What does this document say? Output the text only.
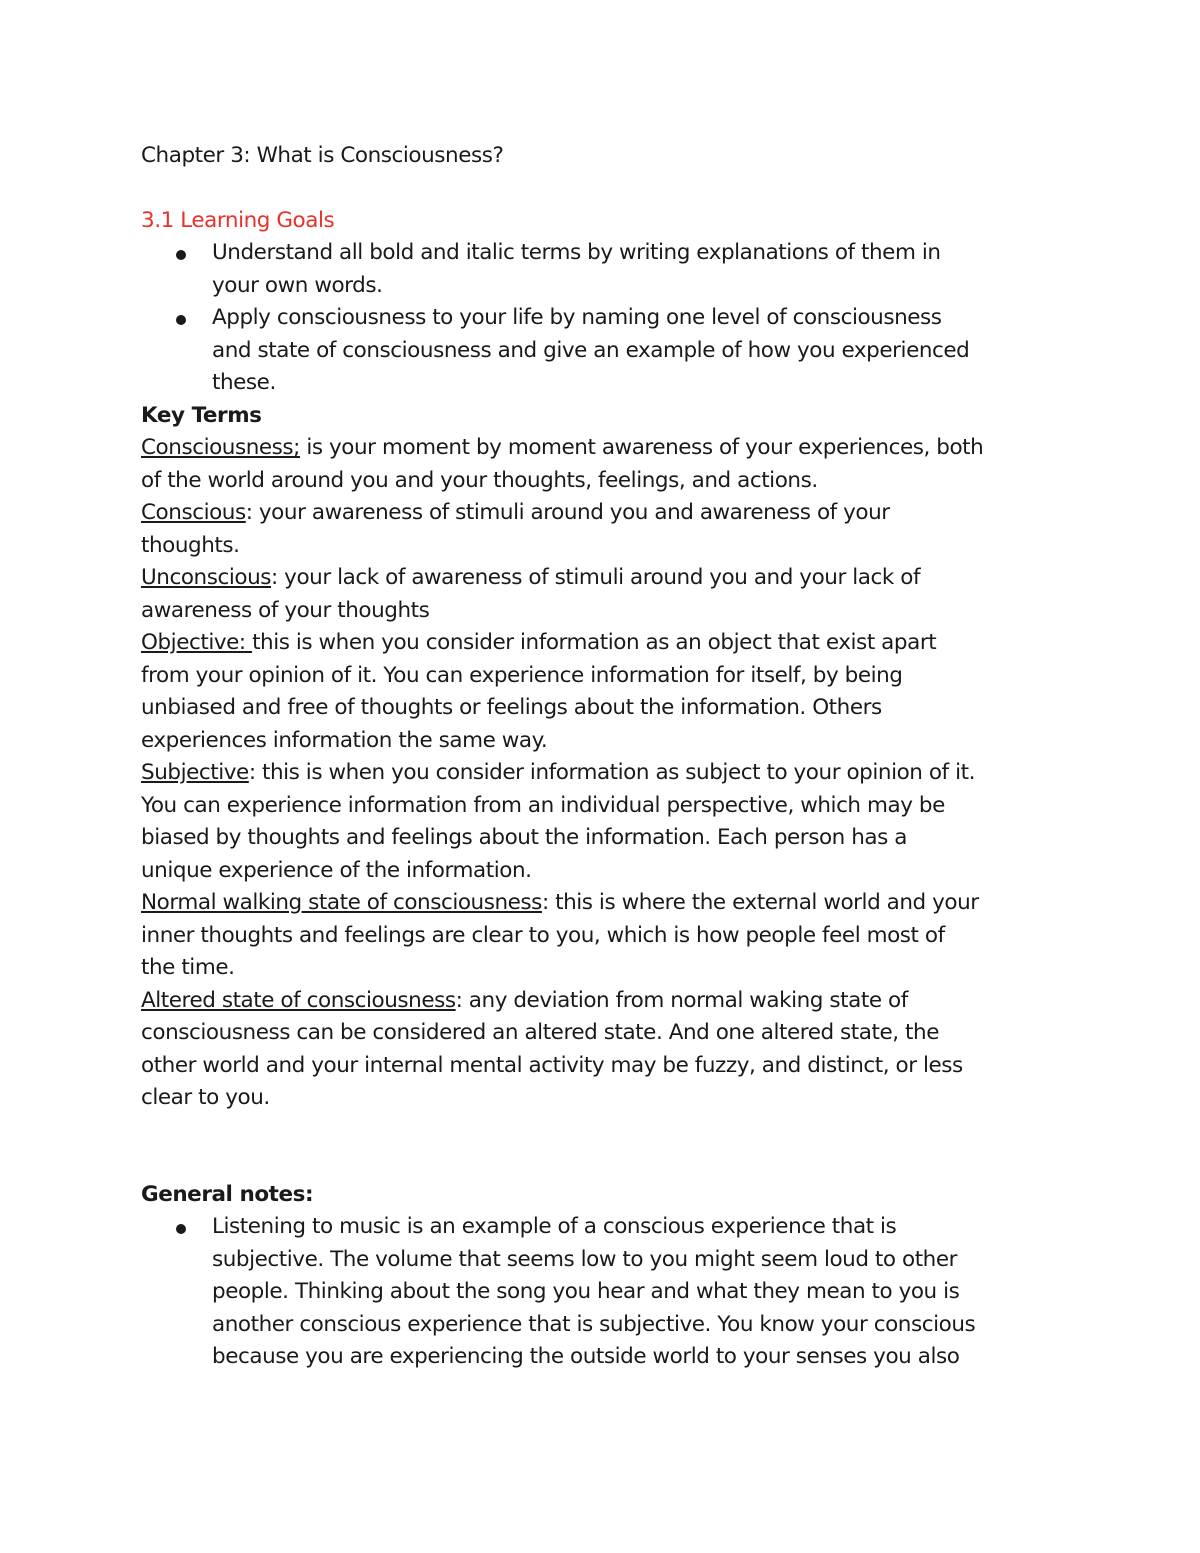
Chapter 3: What is Consciousness?
3.1 Learning Goals
Understand all bold and italic terms by writing explanations of them in
your own words.
Apply consciousness to your life by naming one level of consciousness
and state of consciousness and give an example of how you experienced
these.
Key Terms
Consciousness; is your moment by moment awareness of your experiences, both
of the world around you and your thoughts, feelings, and actions.
Conscious: your awareness of stimuli around you and awareness of your
thoughts.
Unconscious: your lack of awareness of stimuli around you and your lack of
awareness of your thoughts
Objective: this is when you consider information as an object that exist apart
from your opinion of it. You can experience information for itself, by being
unbiased and free of thoughts or feelings about the information. Others
experiences information the same way.
Subjective: this is when you consider information as subject to your opinion of it.
You can experience information from an individual perspective, which may be
biased by thoughts and feelings about the information. Each person has a
unique experience of the information.
Normal walking state of consciousness: this is where the external world and your
inner thoughts and feelings are clear to you, which is how people feel most of
the time.
Altered state of consciousness: any deviation from normal waking state of
consciousness can be considered an altered state. And one altered state, the
other world and your internal mental activity may be fuzzy, and distinct, or less
clear to you.
General notes:
Listening to music is an example of a conscious experience that is
subjective. The volume that seems low to you might seem loud to other
people. Thinking about the song you hear and what they mean to you is
another conscious experience that is subjective. You know your conscious
because you are experiencing the outside world to your senses you also
